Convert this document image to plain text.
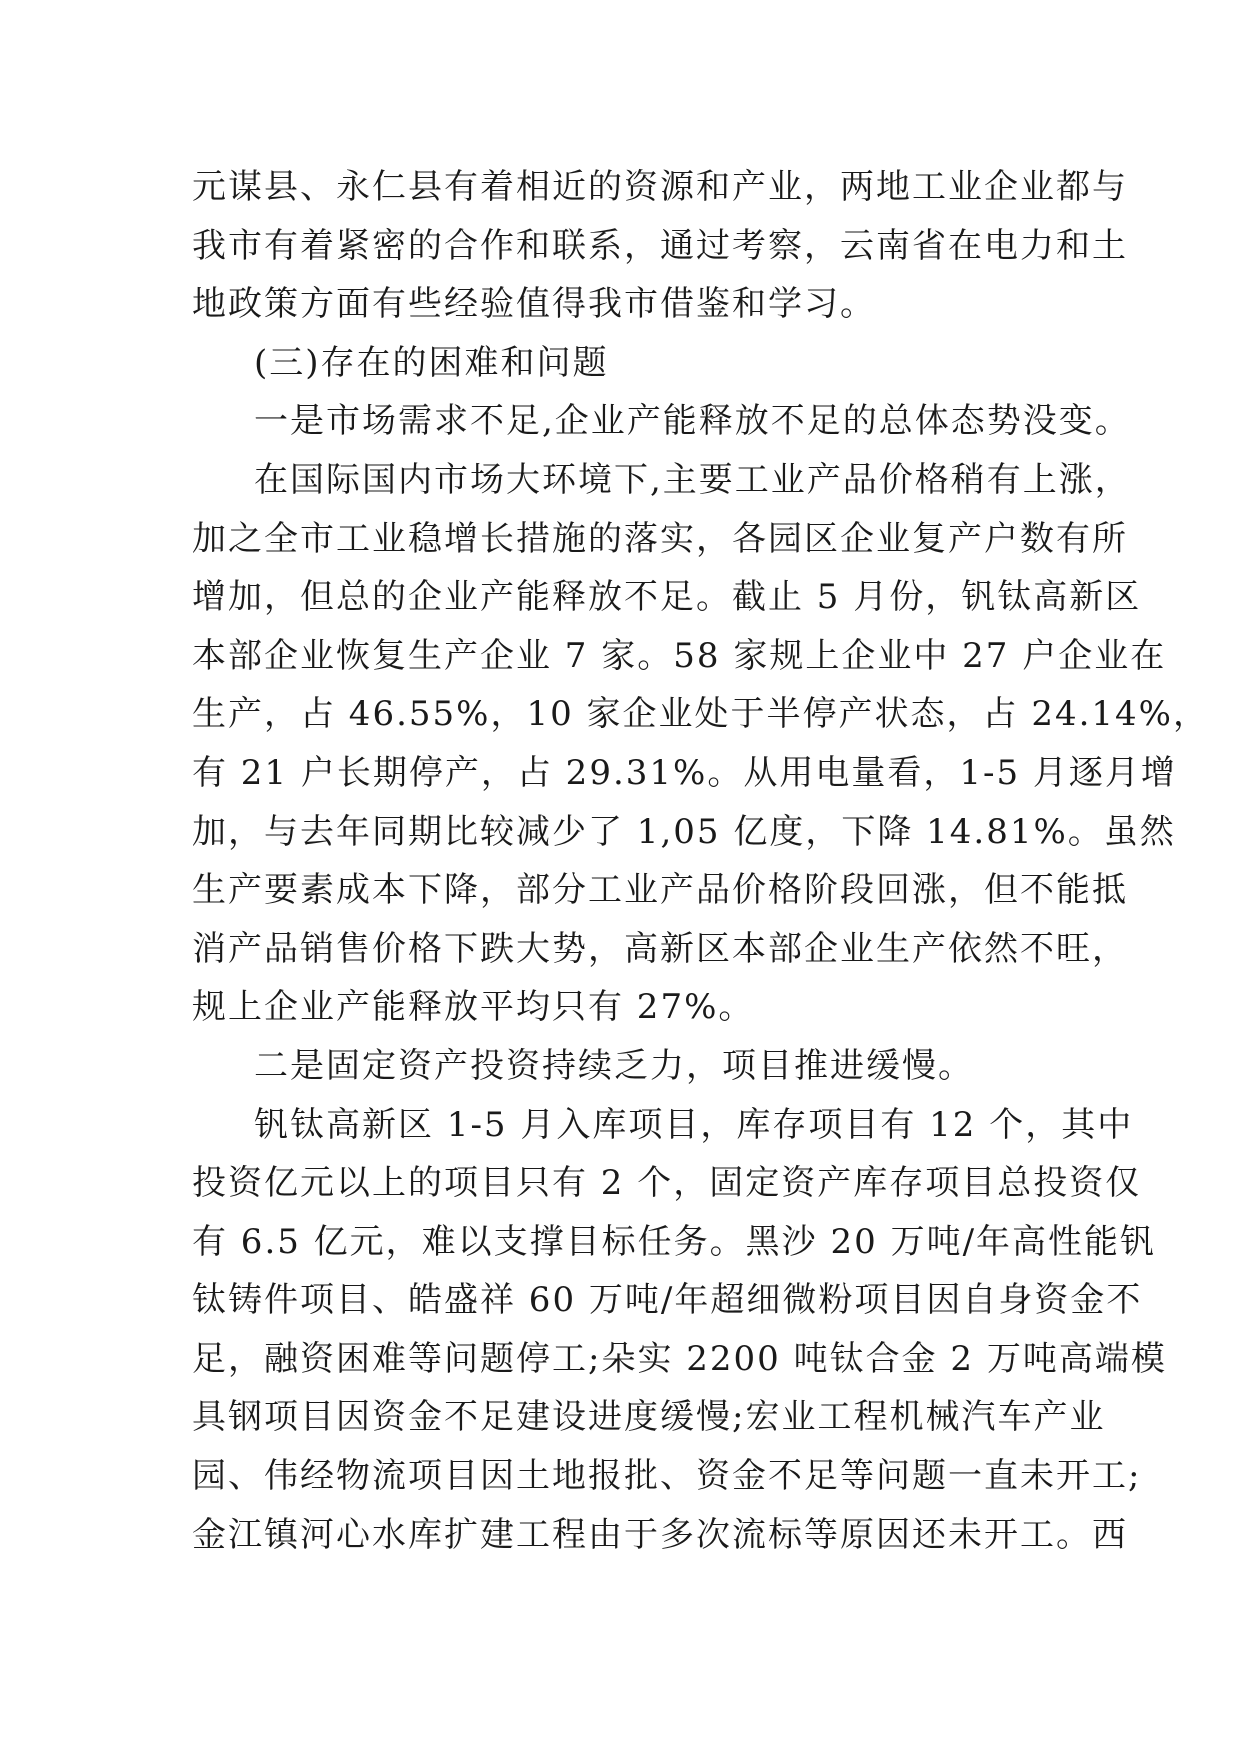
元谋县、永仁县有着相近的资源和产业，两地工业企业都与
我市有着紧密的合作和联系，通过考察，云南省在电力和土
地政策方面有些经验值得我市借鉴和学习。
(三)存在的困难和问题
一是市场需求不足,企业产能释放不足的总体态势没变。
在国际国内市场大环境下,主要工业产品价格稍有上涨，
加之全市工业稳增长措施的落实，各园区企业复产户数有所
增加，但总的企业产能释放不足。截止 5 月份，钒钛高新区
本部企业恢复生产企业 7 家。58 家规上企业中 27 户企业在
生产，占 46.55%，10 家企业处于半停产状态，占 24.14%，
有 21 户长期停产，占 29.31%。从用电量看，1-5 月逐月增
加，与去年同期比较减少了 1,05 亿度，下降 14.81%。虽然
生产要素成本下降，部分工业产品价格阶段回涨，但不能抵
消产品销售价格下跌大势，高新区本部企业生产依然不旺，
规上企业产能释放平均只有 27%。
二是固定资产投资持续乏力，项目推进缓慢。
钒钛高新区 1-5 月入库项目，库存项目有 12 个，其中
投资亿元以上的项目只有 2 个，固定资产库存项目总投资仅
有 6.5 亿元，难以支撑目标任务。黑沙 20 万吨/年高性能钒
钛铸件项目、皓盛祥 60 万吨/年超细微粉项目因自身资金不
足，融资困难等问题停工;朵实 2200 吨钛合金 2 万吨高端模
具钢项目因资金不足建设进度缓慢;宏业工程机械汽车产业
园、伟经物流项目因土地报批、资金不足等问题一直未开工;
金江镇河心水库扩建工程由于多次流标等原因还未开工。西
